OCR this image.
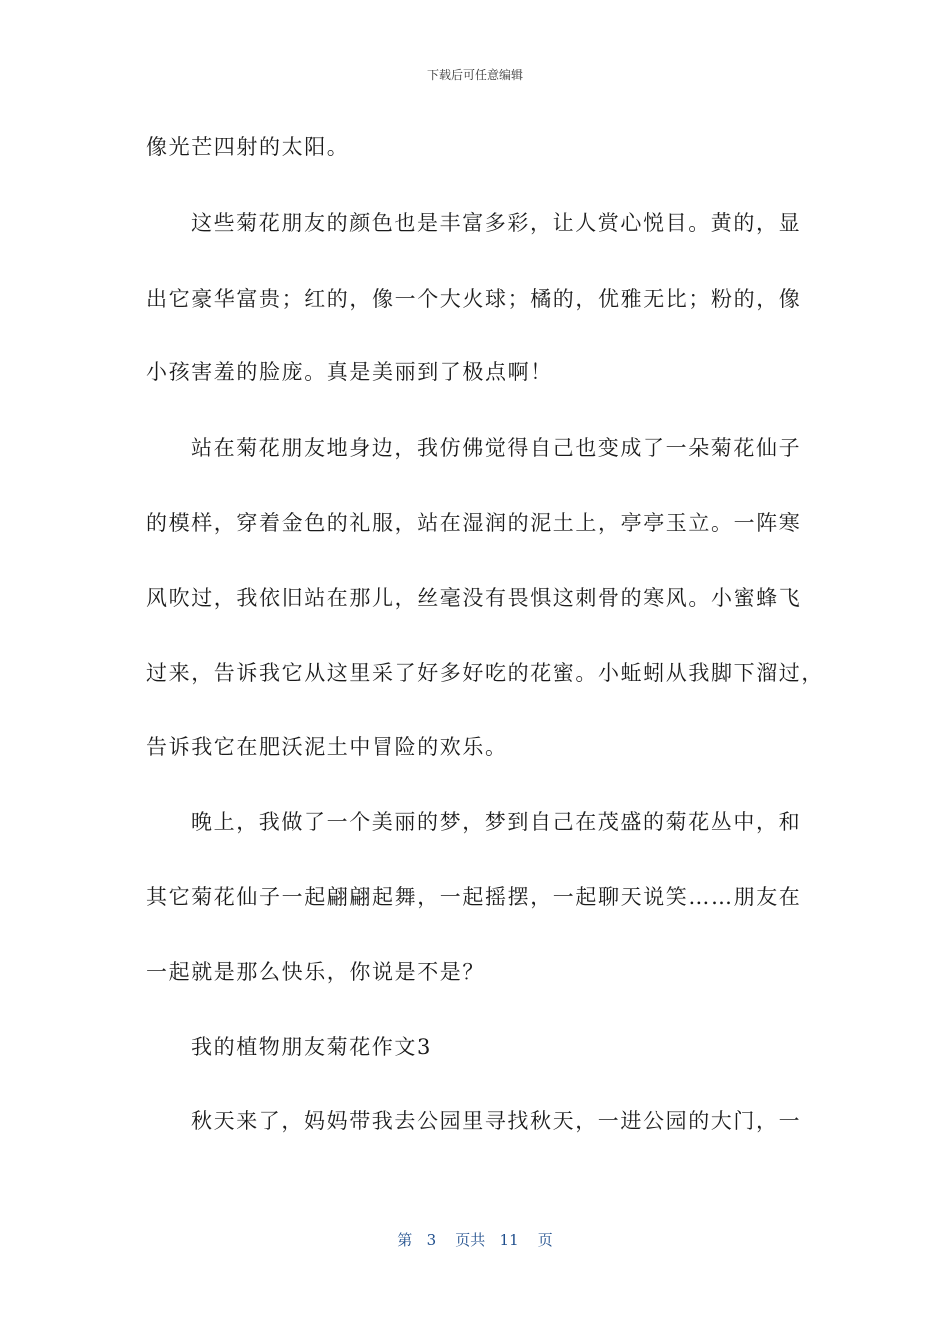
下载后可任意编辑
像光芒四射的太阳。
这些菊花朋友的颜色也是丰富多彩，让人赏心悦目。黄的，显
出它豪华富贵；红的，像一个大火球；橘的，优雅无比；粉的，像
小孩害羞的脸庞。真是美丽到了极点啊！
站在菊花朋友地身边，我仿佛觉得自己也变成了一朵菊花仙子
的模样，穿着金色的礼服，站在湿润的泥土上，亭亭玉立。一阵寒
风吹过，我依旧站在那儿，丝毫没有畏惧这刺骨的寒风。小蜜蜂飞
过来，告诉我它从这里采了好多好吃的花蜜。小蚯蚓从我脚下溜过，
告诉我它在肥沃泥土中冒险的欢乐。
晚上，我做了一个美丽的梦，梦到自己在茂盛的菊花丛中，和
其它菊花仙子一起翩翩起舞，一起摇摆，一起聊天说笑……朋友在
一起就是那么快乐，你说是不是？
我的植物朋友菊花作文3
秋天来了，妈妈带我去公园里寻找秋天，一进公园的大门，一
第 3 页共 11 页
